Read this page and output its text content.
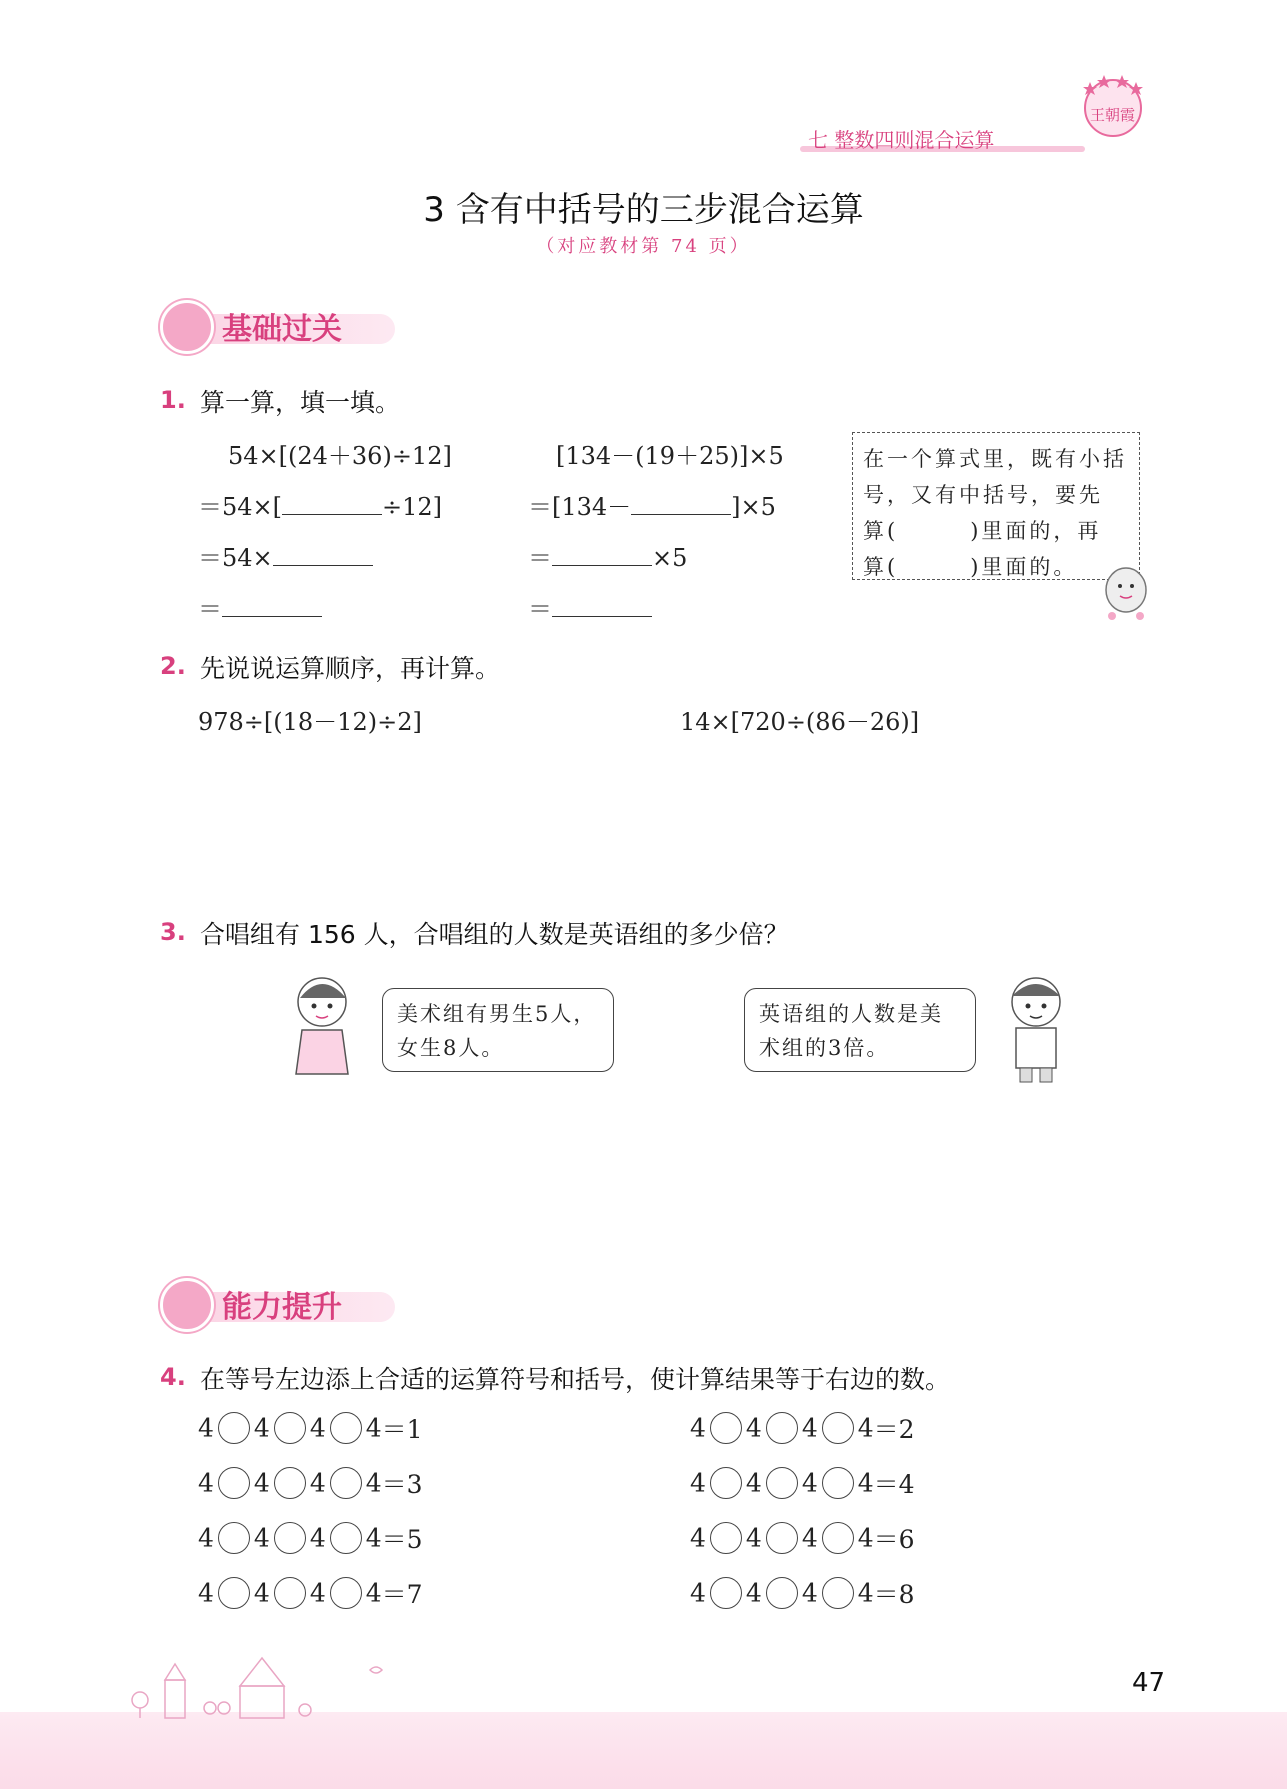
王朝霞
七 整数四则混合运算
3 含有中括号的三步混合运算
（对应教材第 74 页）
基础过关
1. 算一算，填一填。
54×[(24＋36)÷12]
＝54×[	÷12]
＝54×
＝
[134－(19＋25)]×5
＝[134－	]×5
＝	×5
＝
在一个算式里，既有小括
号，又有中括号，要先
算(　　　)里面的，再
算(　　　)里面的。
2. 先说说运算顺序，再计算。
978÷[(18－12)÷2]	14×[720÷(86－26)]
3. 合唱组有 156 人，合唱组的人数是英语组的多少倍？
美术组有男生5人，
女生8人。
英语组的人数是美
术组的3倍。
能力提升
4. 在等号左边添上合适的运算符号和括号，使计算结果等于右边的数。
4 4 4 4＝1	4 4 4 4＝2
4 4 4 4＝3	4 4 4 4＝4
4 4 4 4＝5	4 4 4 4＝6
4 4 4 4＝7	4 4 4 4＝8
47
